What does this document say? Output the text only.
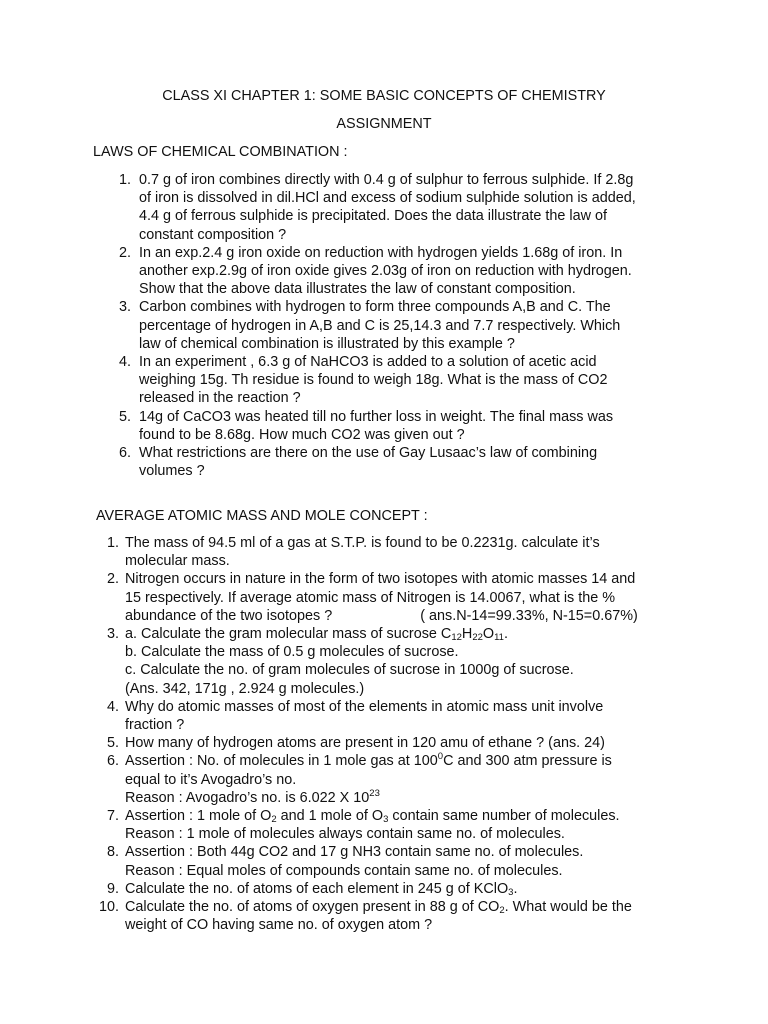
CLASS XI CHAPTER 1: SOME BASIC CONCEPTS OF CHEMISTRY
ASSIGNMENT
LAWS OF CHEMICAL COMBINATION :
1. 0.7 g of iron combines directly with 0.4 g of sulphur to ferrous sulphide. If 2.8g
of iron is dissolved in dil.HCl and excess of sodium sulphide solution is added,
4.4 g of ferrous sulphide is precipitated. Does the data illustrate the law of
constant composition ?
2. In an exp.2.4 g iron oxide on reduction with hydrogen yields 1.68g of iron. In
another exp.2.9g of iron oxide gives 2.03g of iron on reduction with hydrogen.
Show that the above data illustrates the law of constant composition.
3. Carbon combines with hydrogen to form three compounds A,B and C. The
percentage of hydrogen in A,B and C is 25,14.3 and 7.7 respectively. Which
law of chemical combination is illustrated by this example ?
4. In an experiment , 6.3 g of NaHCO3 is added to a solution of acetic acid
weighing 15g. Th residue is found to weigh 18g. What is the mass of CO2
released in the reaction ?
5. 14g of CaCO3 was heated till no further loss in weight. The final mass was
found to be 8.68g. How much CO2 was given out ?
6. What restrictions are there on the use of Gay Lusaac’s law of combining
volumes ?
AVERAGE ATOMIC MASS AND MOLE CONCEPT :
1. The mass of 94.5 ml of a gas at S.T.P. is found to be 0.2231g. calculate it’s
molecular mass.
2. Nitrogen occurs in nature in the form of two isotopes with atomic masses 14 and
15 respectively. If average atomic mass of Nitrogen is 14.0067, what is the %
abundance of the two isotopes ?	( ans.N-14=99.33%, N-15=0.67%)
3. a. Calculate the gram molecular mass of sucrose $C_{12}H_{22}O_{11}$.
b. Calculate the mass of 0.5 g molecules of sucrose.
c. Calculate the no. of gram molecules of sucrose in 1000g of sucrose.
(Ans. 342, 171g , 2.924 g molecules.)
4. Why do atomic masses of most of the elements in atomic mass unit involve
fraction ?
5. How many of hydrogen atoms are present in 120 amu of ethane ? (ans. 24)
6. Assertion : No. of molecules in 1 mole gas at $100^0C$ and 300 atm pressure is
equal to it’s Avogadro’s no.
Reason : Avogadro’s no. is 6.022 X $10^{23}$
7. Assertion : 1 mole of $O_2$ and 1 mole of $O_3$ contain same number of molecules.
Reason : 1 mole of molecules always contain same no. of molecules.
8. Assertion : Both 44g CO2 and 17 g NH3 contain same no. of molecules.
Reason : Equal moles of compounds contain same no. of molecules.
9. Calculate the no. of atoms of each element in 245 g of KClO$_3$.
10. Calculate the no. of atoms of oxygen present in 88 g of $CO_2$. What would be the
weight of CO having same no. of oxygen atom ?
